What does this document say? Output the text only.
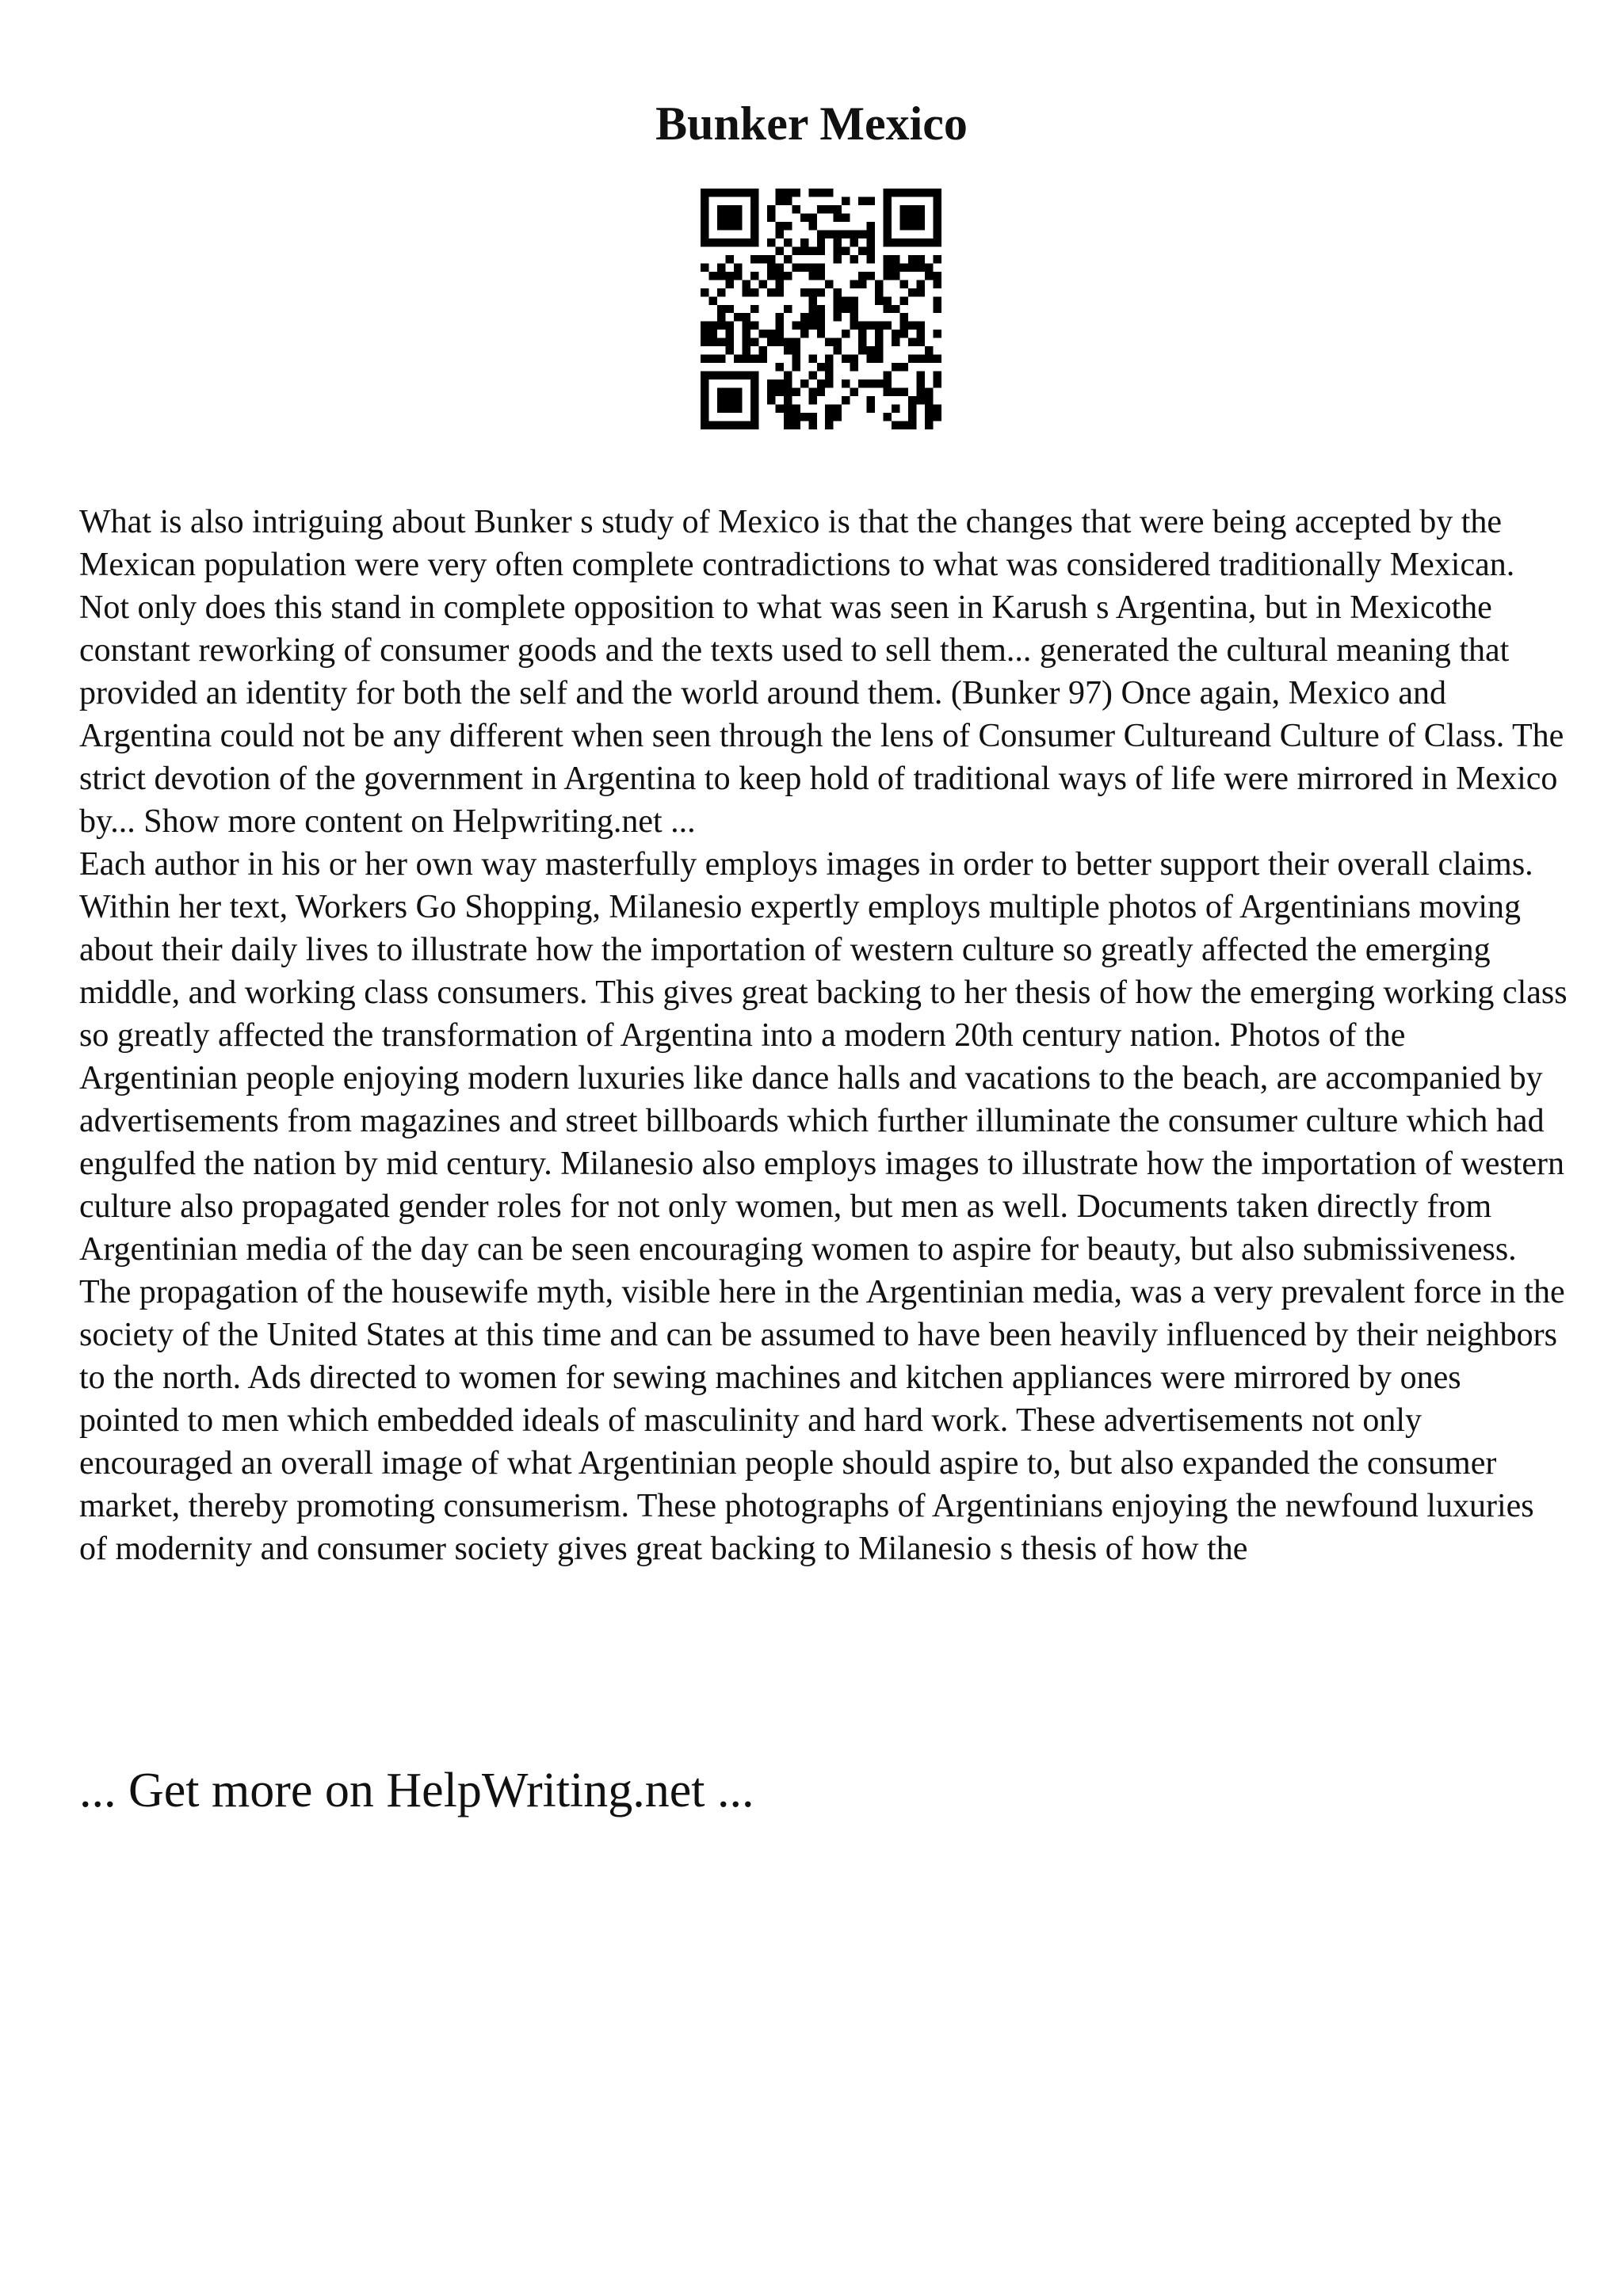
Bunker Mexico

What is also intriguing about Bunker s study of Mexico is that the changes that were being accepted by the Mexican population were very often complete contradictions to what was considered traditionally Mexican. Not only does this stand in complete opposition to what was seen in Karush s Argentina, but in Mexicothe constant reworking of consumer goods and the texts used to sell them... generated the cultural meaning that provided an identity for both the self and the world around them. (Bunker 97) Once again, Mexico and Argentina could not be any different when seen through the lens of Consumer Cultureand Culture of Class. The strict devotion of the government in Argentina to keep hold of traditional ways of life were mirrored in Mexico by... Show more content on Helpwriting.net ...

Each author in his or her own way masterfully employs images in order to better support their overall claims. Within her text, Workers Go Shopping, Milanesio expertly employs multiple photos of Argentinians moving about their daily lives to illustrate how the importation of western culture so greatly affected the emerging middle, and working class consumers. This gives great backing to her thesis of how the emerging working class so greatly affected the transformation of Argentina into a modern 20th century nation. Photos of the Argentinian people enjoying modern luxuries like dance halls and vacations to the beach, are accompanied by advertisements from magazines and street billboards which further illuminate the consumer culture which had engulfed the nation by mid century. Milanesio also employs images to illustrate how the importation of western culture also propagated gender roles for not only women, but men as well. Documents taken directly from Argentinian media of the day can be seen encouraging women to aspire for beauty, but also submissiveness. The propagation of the housewife myth, visible here in the Argentinian media, was a very prevalent force in the society of the United States at this time and can be assumed to have been heavily influenced by their neighbors to the north. Ads directed to women for sewing machines and kitchen appliances were mirrored by ones pointed to men which embedded ideals of masculinity and hard work. These advertisements not only encouraged an overall image of what Argentinian people should aspire to, but also expanded the consumer market, thereby promoting consumerism. These photographs of Argentinians enjoying the newfound luxuries of modernity and consumer society gives great backing to Milanesio s thesis of how the

... Get more on HelpWriting.net ...
